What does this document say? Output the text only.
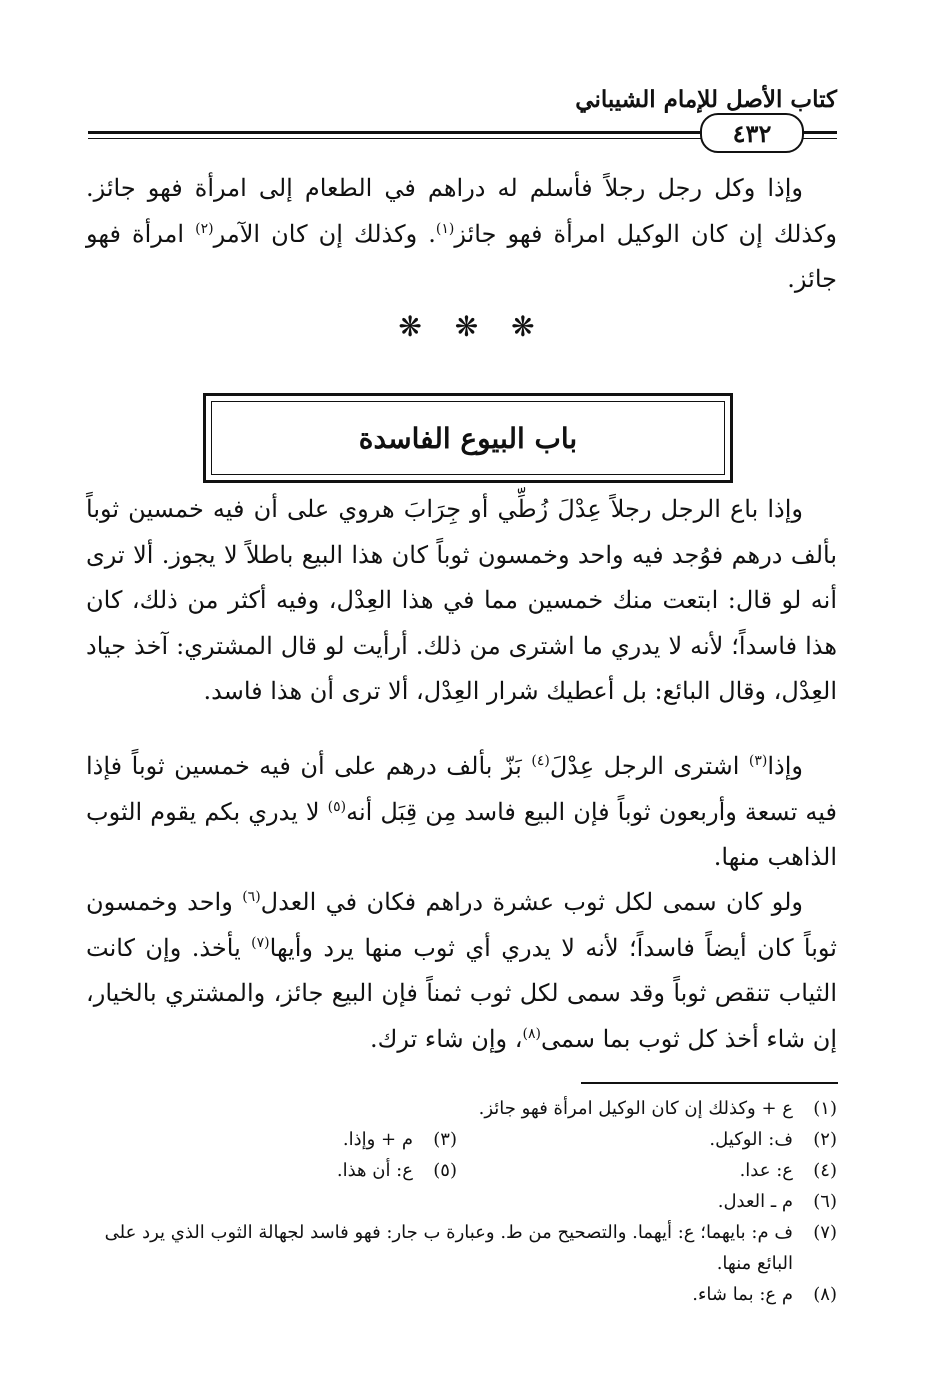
كتاب الأصل للإمام الشيباني
٤٣٢

وإذا وكل رجل رجلاً فأسلم له دراهم في الطعام إلى امرأة فهو جائز. وكذلك إن كان الوكيل امرأة فهو جائز$^{(١)}$. وكذلك إن كان الآمر$^{(٢)}$ امرأة فهو جائز.

❋ ❋ ❋
باب البيوع الفاسدة

وإذا باع الرجل رجلاً عِدْلَ زُطِّي أو جِرَابَ هروي على أن فيه خمسين ثوباً بألف درهم فوُجد فيه واحد وخمسون ثوباً كان هذا البيع باطلاً لا يجوز. ألا ترى أنه لو قال: ابتعت منك خمسين مما في هذا العِدْل، وفيه أكثر من ذلك، كان هذا فاسداً؛ لأنه لا يدري ما اشترى من ذلك. أرأيت لو قال المشتري: آخذ جياد العِدْل، وقال البائع: بل أعطيك شرار العِدْل، ألا ترى أن هذا فاسد.

وإذا$^{(٣)}$ اشترى الرجل عِدْلَ$^{(٤)}$ بَزّ بألف درهم على أن فيه خمسين ثوباً فإذا فيه تسعة وأربعون ثوباً فإن البيع فاسد مِن قِبَل أنه$^{(٥)}$ لا يدري بكم يقوم الثوب الذاهب منها.

ولو كان سمى لكل ثوب عشرة دراهم فكان في العدل$^{(٦)}$ واحد وخمسون ثوباً كان أيضاً فاسداً؛ لأنه لا يدري أي ثوب منها يرد وأيها$^{(٧)}$ يأخذ. وإن كانت الثياب تنقص ثوباً وقد سمى لكل ثوب ثمناً فإن البيع جائز، والمشتري بالخيار، إن شاء أخذ كل ثوب بما سمى$^{(٨)}$، وإن شاء ترك.

(١)
ع + وكذلك إن كان الوكيل امرأة فهو جائز.
(٢)
ف: الوكيل.
(٣)
م + وإذا.
(٤)
ع: عدا.
(٥)
ع: أن هذا.
(٦)
م ـ العدل.
(٧)
ف م: بايهما؛ ع: أيهما. والتصحيح من ط. وعبارة ب جار: فهو فاسد لجهالة الثوب الذي يرد على البائع منها.
(٨)
م ع: بما شاء.
